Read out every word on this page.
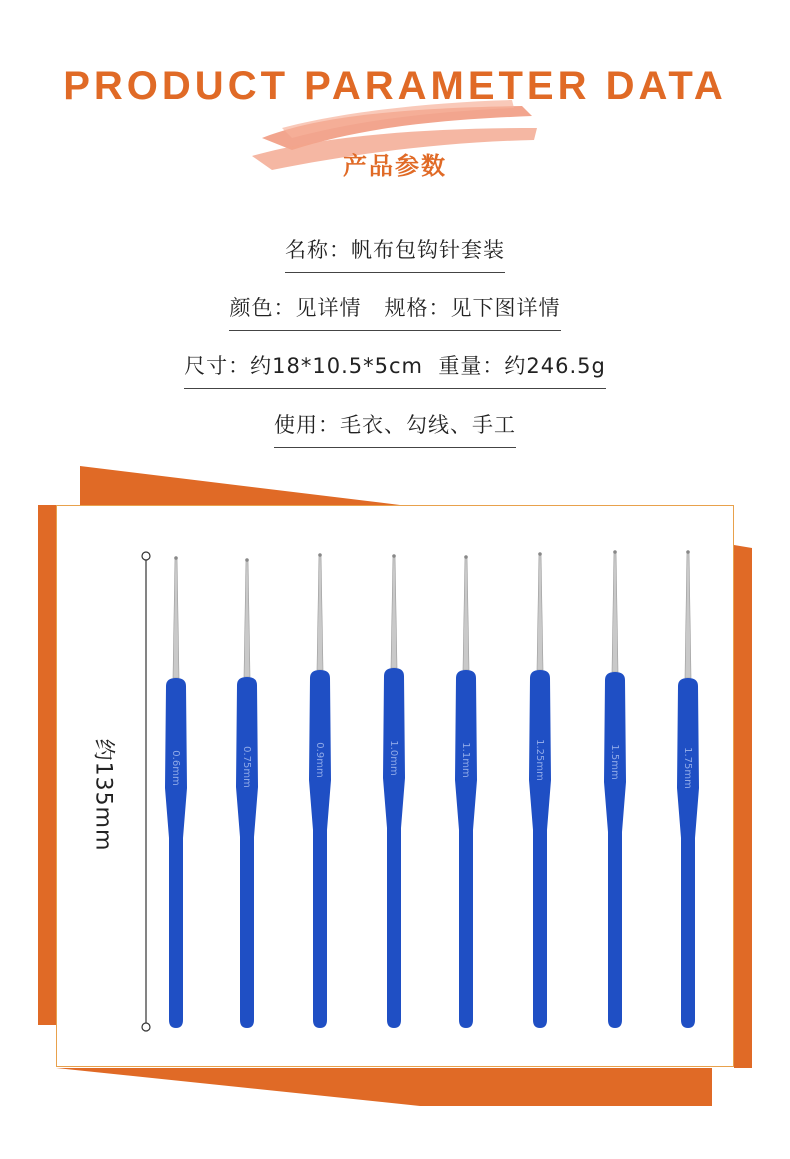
PRODUCT PARAMETER DATA
产品参数
名称：帆布包钩针套装
颜色：见详情   规格：见下图详情
尺寸：约18*10.5*5cm  重量：约246.5g
使用：毛衣、勾线、手工
约135mm	0.6mm	0.75mm	0.9mm	1.0mm	1.1mm	1.25mm	1.5mm	1.75mm
